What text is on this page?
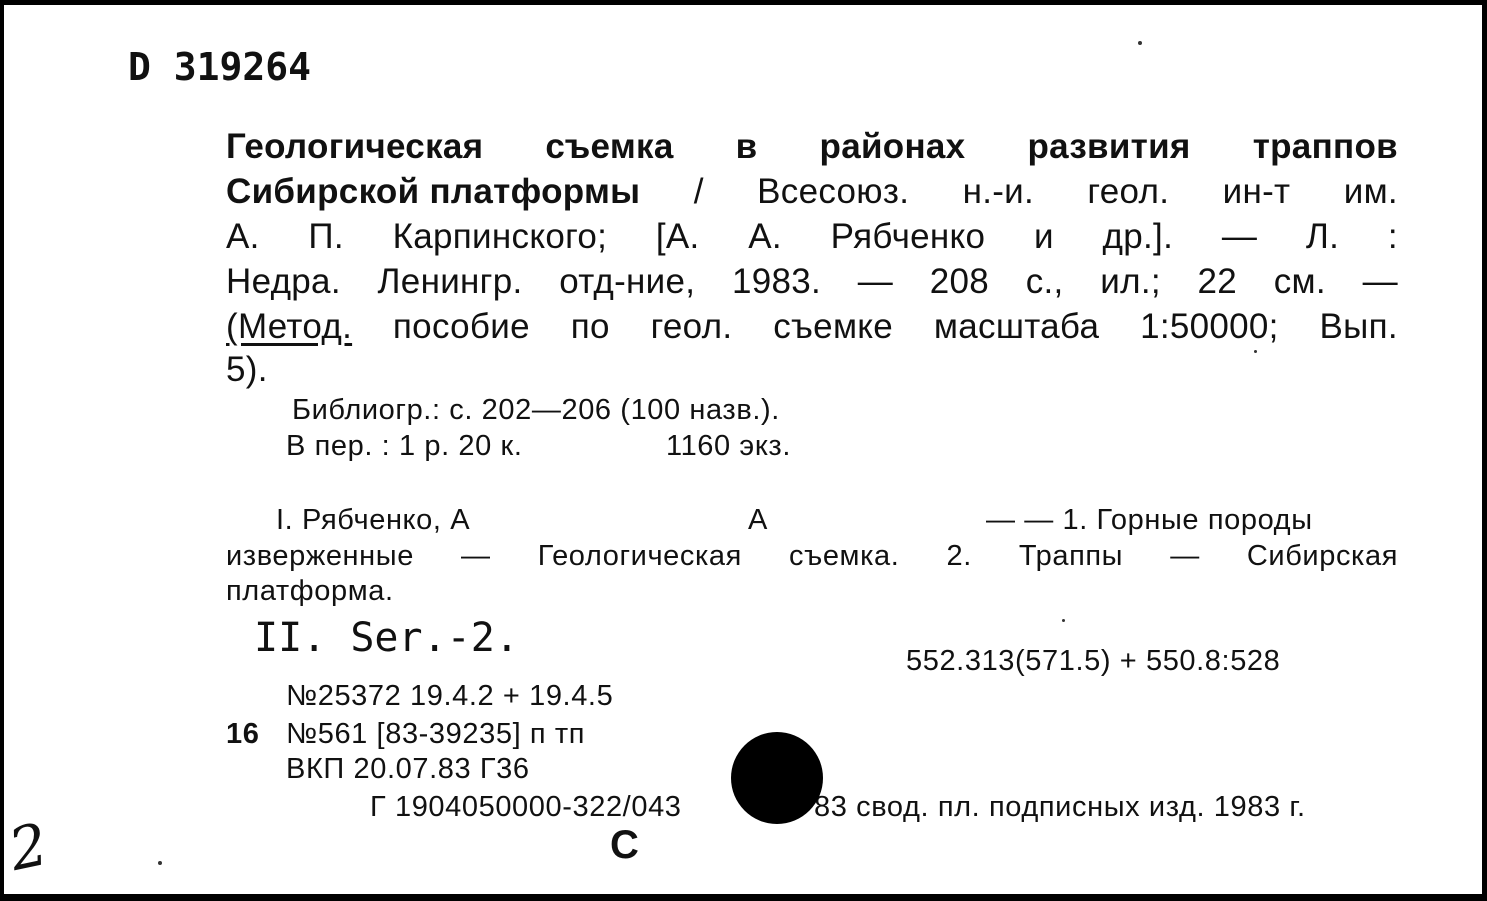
D 319264
Геологическая съемка в районах развития траппов
Сибирской платформы / Всесоюз. н.-и. геол. ин-т им.
А. П. Карпинского; [А. А. Рябченко и др.]. — Л. :
Недра. Ленингр. отд-ние, 1983. — 208 с., ил.; 22 см. —
(Метод. пособие по геол. съемке масштаба 1:50000; Вып.
5).
Библиогр.: с. 202—206 (100 назв.).
В пер. : 1 р. 20 к.	1160 экз.
I. Рябченко, А	А	— — 1. Горные породы
изверженные — Геологическая съемка. 2. Траппы — Сибирская
платформа.
II. Ser.-2.	552.313(571.5) + 550.8:528
№25372 19.4.2 + 19.4.5
16 №561 [83-39235] п тп
ВКП 20.07.83 Г36
Г 1904050000-322/043	83 свод. пл. подписных изд. 1983 г.
С
2
